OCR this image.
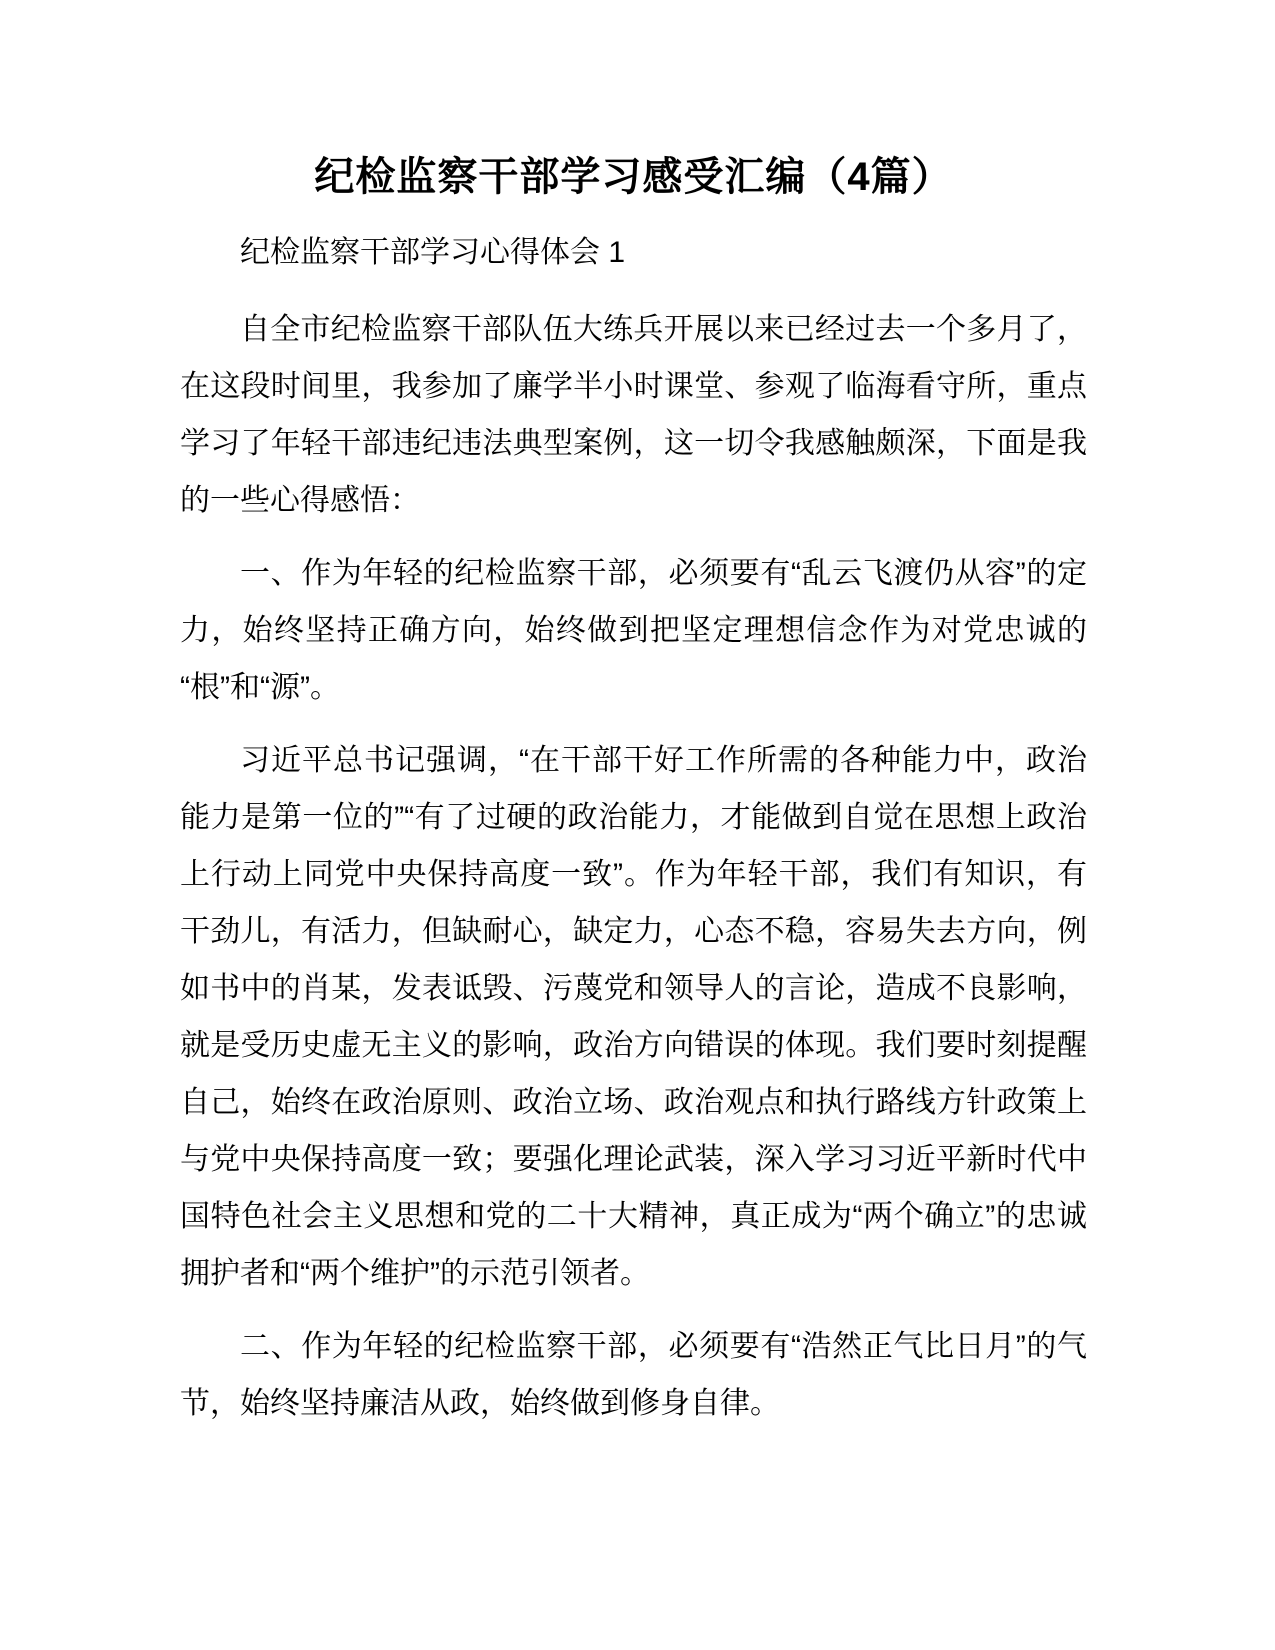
纪检监察干部学习感受汇编（4篇）

纪检监察干部学习心得体会 1

自全市纪检监察干部队伍大练兵开展以来已经过去一个多月了，在这段时间里，我参加了廉学半小时课堂、参观了临海看守所，重点学习了年轻干部违纪违法典型案例，这一切令我感触颇深，下面是我的一些心得感悟：

一、作为年轻的纪检监察干部，必须要有“乱云飞渡仍从容”的定力，始终坚持正确方向，始终做到把坚定理想信念作为对党忠诚的“根”和“源”。

习近平总书记强调，“在干部干好工作所需的各种能力中，政治能力是第一位的”“有了过硬的政治能力，才能做到自觉在思想上政治上行动上同党中央保持高度一致”。作为年轻干部，我们有知识，有干劲儿，有活力，但缺耐心，缺定力，心态不稳，容易失去方向，例如书中的肖某，发表诋毁、污蔑党和领导人的言论，造成不良影响，就是受历史虚无主义的影响，政治方向错误的体现。我们要时刻提醒自己，始终在政治原则、政治立场、政治观点和执行路线方针政策上与党中央保持高度一致；要强化理论武装，深入学习习近平新时代中国特色社会主义思想和党的二十大精神，真正成为“两个确立”的忠诚拥护者和“两个维护”的示范引领者。

二、作为年轻的纪检监察干部，必须要有“浩然正气比日月”的气节，始终坚持廉洁从政，始终做到修身自律。
